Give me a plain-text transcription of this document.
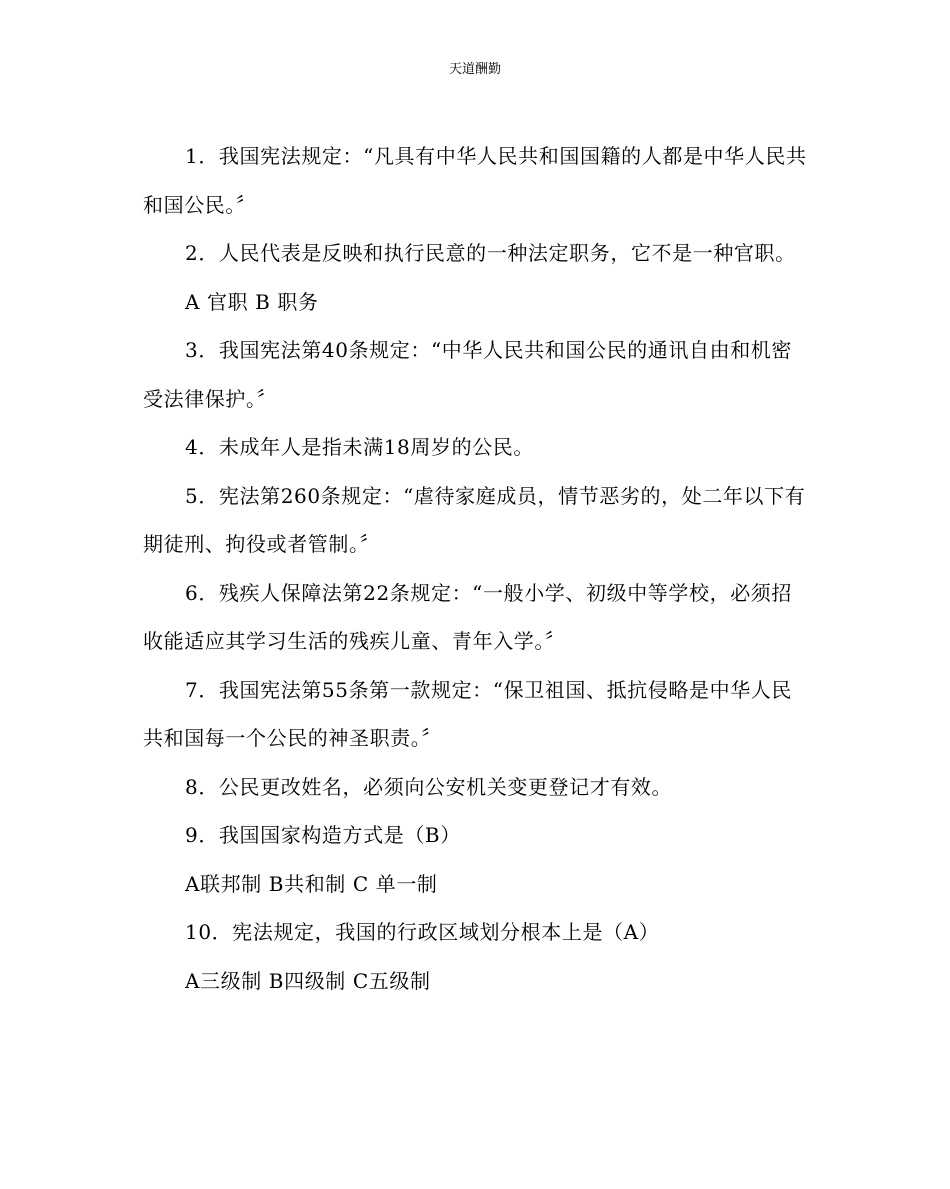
天道酬勤

1．我国宪法规定：“凡具有中华人民共和国国籍的人都是中华人民共和国公民。〞

2．人民代表是反映和执行民意的一种法定职务，它不是一种官职。

A 官职 B 职务

3．我国宪法第40条规定：“中华人民共和国公民的通讯自由和机密受法律保护。〞

4．未成年人是指未满18周岁的公民。

5．宪法第260条规定：“虐待家庭成员，情节恶劣的，处二年以下有期徒刑、拘役或者管制。〞

6．残疾人保障法第22条规定：“一般小学、初级中等学校，必须招收能适应其学习生活的残疾儿童、青年入学。〞

7．我国宪法第55条第一款规定：“保卫祖国、抵抗侵略是中华人民共和国每一个公民的神圣职责。〞

8．公民更改姓名，必须向公安机关变更登记才有效。

9．我国国家构造方式是（B）

A联邦制 B共和制 C 单一制

10．宪法规定，我国的行政区域划分根本上是（A）

A三级制 B四级制 C五级制
